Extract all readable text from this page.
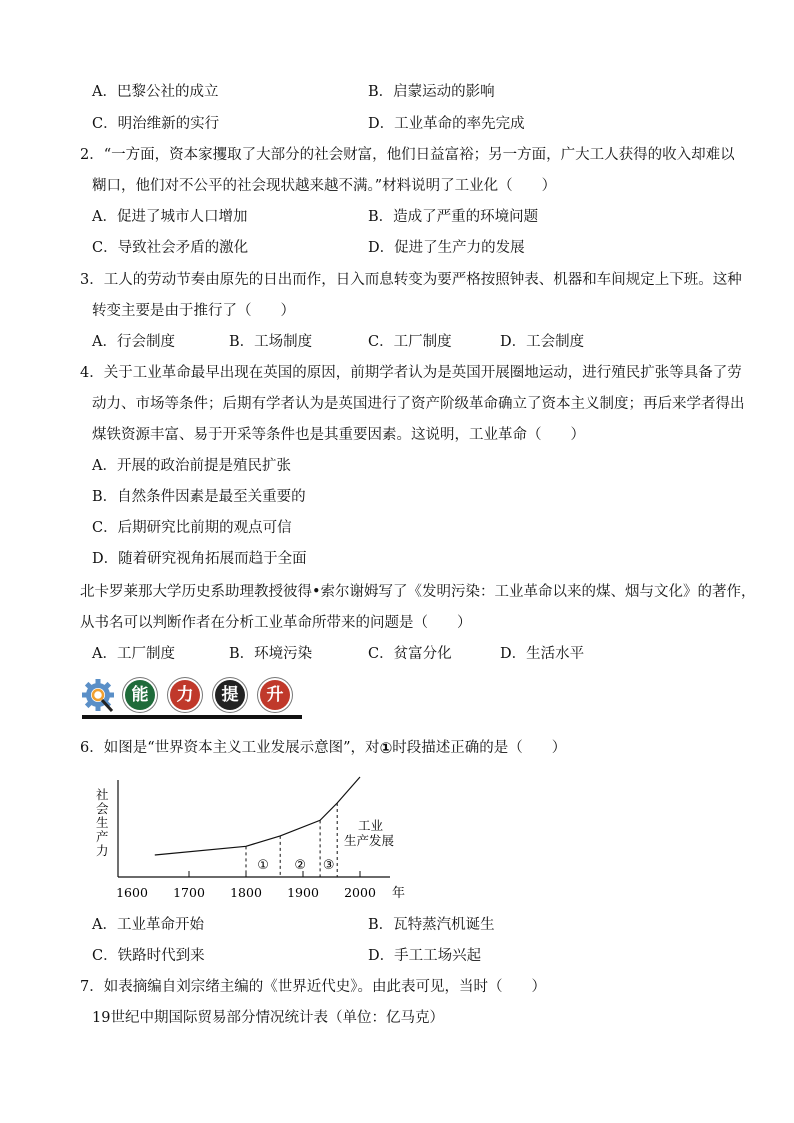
A．巴黎公社的成立	B．启蒙运动的影响
C．明治维新的实行	D．工业革命的率先完成
2．“一方面，资本家攫取了大部分的社会财富，他们日益富裕；另一方面，广大工人获得的收入却难以
糊口，他们对不公平的社会现状越来越不满。”材料说明了工业化（　　）
A．促进了城市人口增加	B．造成了严重的环境问题
C．导致社会矛盾的激化	D．促进了生产力的发展
3．工人的劳动节奏由原先的日出而作，日入而息转变为要严格按照钟表、机器和车间规定上下班。这种
转变主要是由于推行了（　　）
A．行会制度	B．工场制度	C．工厂制度	D．工会制度
4．关于工业革命最早出现在英国的原因，前期学者认为是英国开展圈地运动，进行殖民扩张等具备了劳
动力、市场等条件；后期有学者认为是英国进行了资产阶级革命确立了资本主义制度；再后来学者得出
煤铁资源丰富、易于开采等条件也是其重要因素。这说明，工业革命（　　）
A．开展的政治前提是殖民扩张
B．自然条件因素是最至关重要的
C．后期研究比前期的观点可信
D．随着研究视角拓展而趋于全面
北卡罗莱那大学历史系助理教授彼得•索尔谢姆写了《发明污染：工业革命以来的煤、烟与文化》的著作，
从书名可以判断作者在分析工业革命所带来的问题是（　　）
A．工厂制度	B．环境污染	C．贫富分化	D．生活水平
能	力	提	升
6．如图是“世界资本主义工业发展示意图”，对①时段描述正确的是（　　）
社会生产力
年
1600 1700 1800 1900 2000
① ② ③
工业
生产发展
A．工业革命开始	B．瓦特蒸汽机诞生
C．铁路时代到来	D．手工工场兴起
7．如表摘编自刘宗绪主编的《世界近代史》。由此表可见，当时（　　）
19世纪中期国际贸易部分情况统计表（单位：亿马克）
